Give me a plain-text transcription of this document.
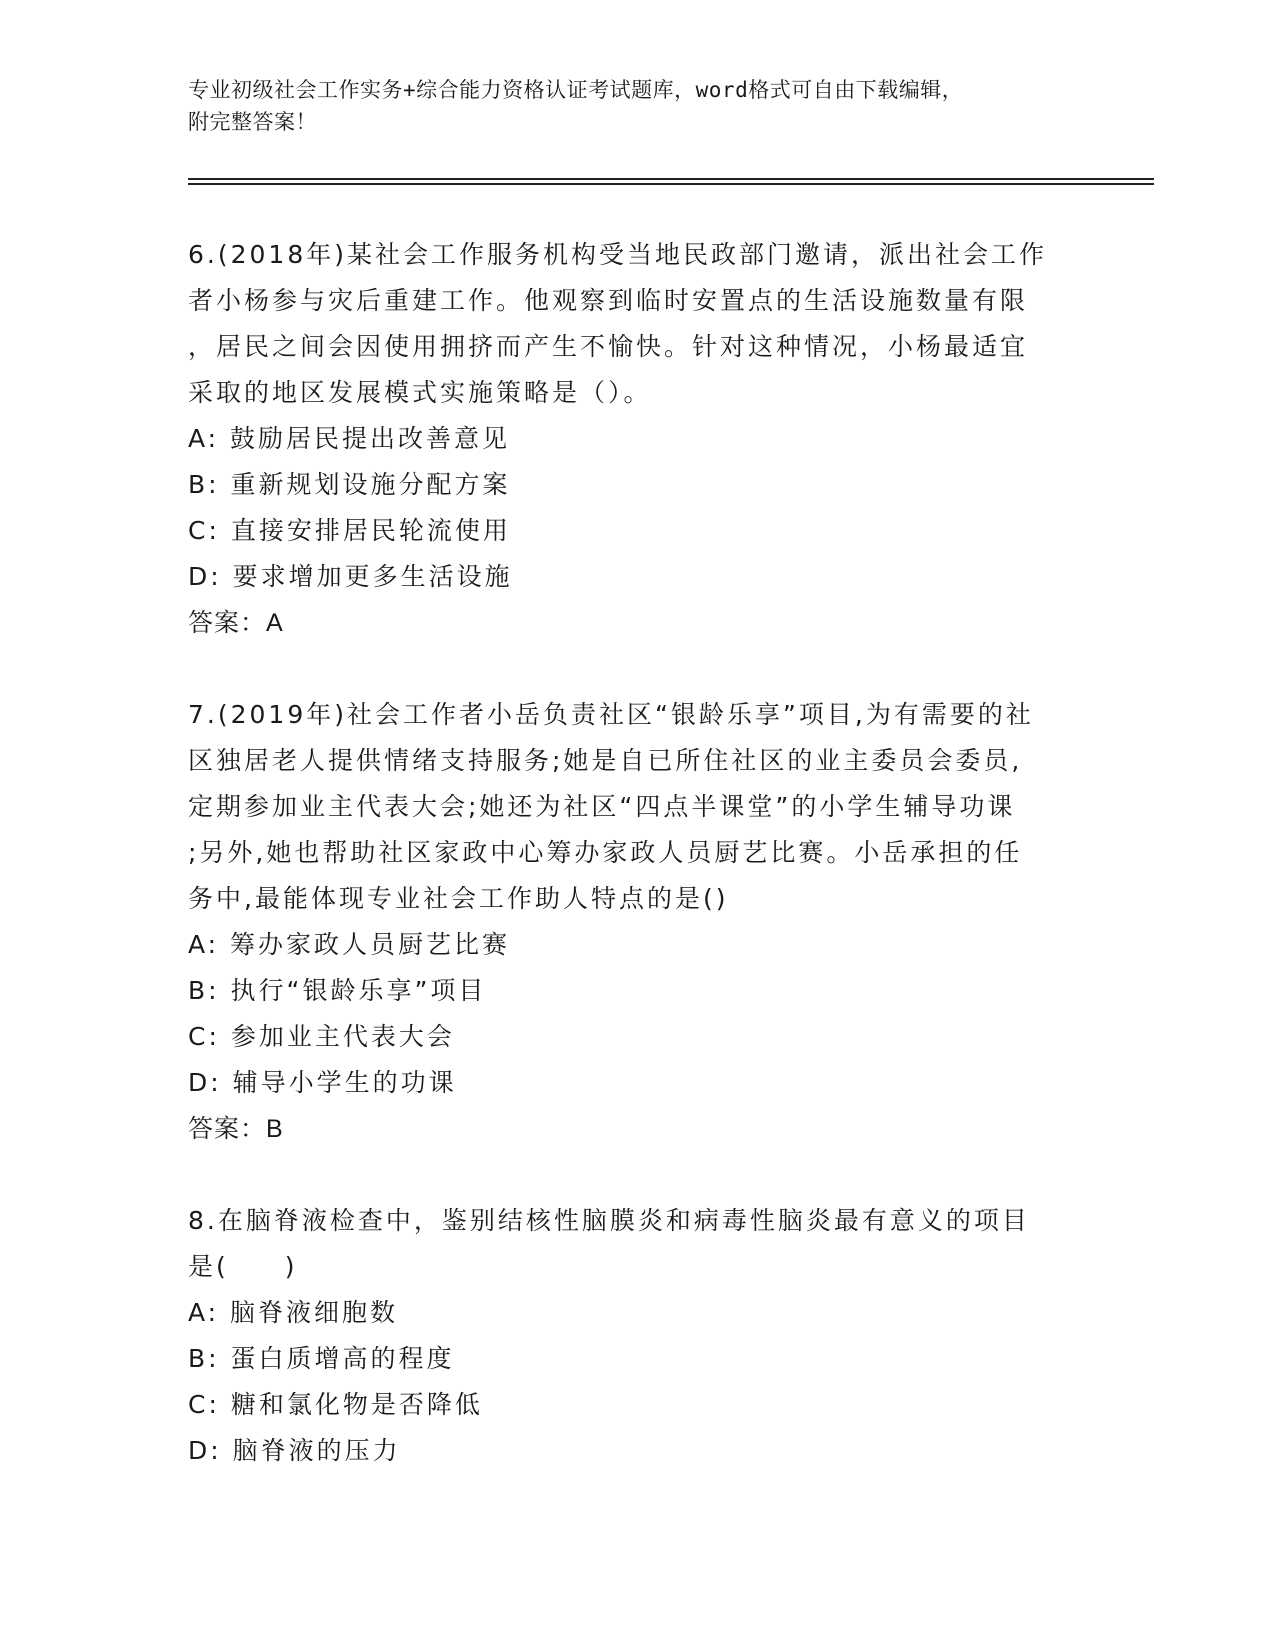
专业初级社会工作实务+综合能力资格认证考试题库，word格式可自由下载编辑，
附完整答案！
6.(2018年)某社会工作服务机构受当地民政部门邀请，派出社会工作
者小杨参与灾后重建工作。他观察到临时安置点的生活设施数量有限
，居民之间会因使用拥挤而产生不愉快。针对这种情况，小杨最适宜
采取的地区发展模式实施策略是（）。
A: 鼓励居民提出改善意见
B: 重新规划设施分配方案
C: 直接安排居民轮流使用
D: 要求增加更多生活设施
答案：A
7.(2019年)社会工作者小岳负责社区“银龄乐享”项目,为有需要的社
区独居老人提供情绪支持服务;她是自已所住社区的业主委员会委员,
定期参加业主代表大会;她还为社区“四点半课堂”的小学生辅导功课
;另外,她也帮助社区家政中心筹办家政人员厨艺比赛。小岳承担的任
务中,最能体现专业社会工作助人特点的是()
A: 筹办家政人员厨艺比赛
B: 执行“银龄乐享”项目
C: 参加业主代表大会
D: 辅导小学生的功课
答案：B
8.在脑脊液检查中，鉴别结核性脑膜炎和病毒性脑炎最有意义的项目
是(　　)
A: 脑脊液细胞数
B: 蛋白质增高的程度
C: 糖和氯化物是否降低
D: 脑脊液的压力
